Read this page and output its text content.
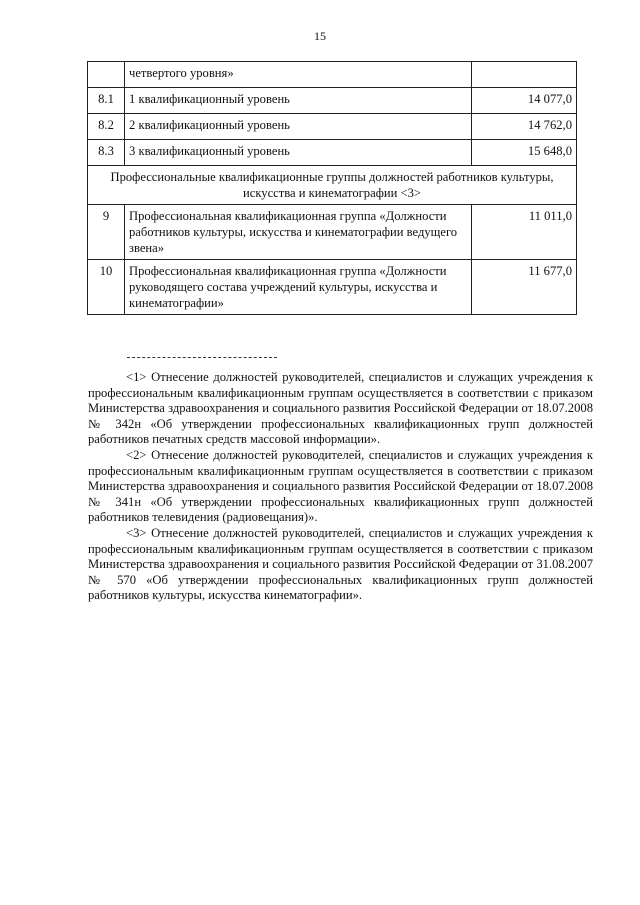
15
	четвертого уровня»	
8.1	1 квалификационный уровень	14 077,0
8.2	2 квалификационный уровень	14 762,0
8.3	3 квалификационный уровень	15 648,0
Профессиональные квалификационные группы должностей работников культуры, искусства и кинематографии <3>		
9	Профессиональная квалификационная группа «Должности работников культуры, искусства и кинематографии ведущего звена»	11 011,0
10	Профессиональная квалификационная группа «Должности руководящего состава учреждений культуры, искусства и кинематографии»	11 677,0

<1> Отнесение должностей руководителей, специалистов и служащих учреждения к профессиональным квалификационным группам осуществляется в соответствии с приказом Министерства здравоохранения и социального развития Российской Федерации от 18.07.2008 № 342н «Об утверждении профессиональных квалификационных групп должностей работников печатных средств массовой информации».

<2> Отнесение должностей руководителей, специалистов и служащих учреждения к профессиональным квалификационным группам осуществляется в соответствии с приказом Министерства здравоохранения и социального развития Российской Федерации от 18.07.2008 № 341н «Об утверждении профессиональных квалификационных групп должностей работников телевидения (радиовещания)».

<3> Отнесение должностей руководителей, специалистов и служащих учреждения к профессиональным квалификационным группам осуществляется в соответствии с приказом Министерства здравоохранения и социального развития Российской Федерации от 31.08.2007 № 570 «Об утверждении профессиональных квалификационных групп должностей работников культуры, искусства кинематографии».
